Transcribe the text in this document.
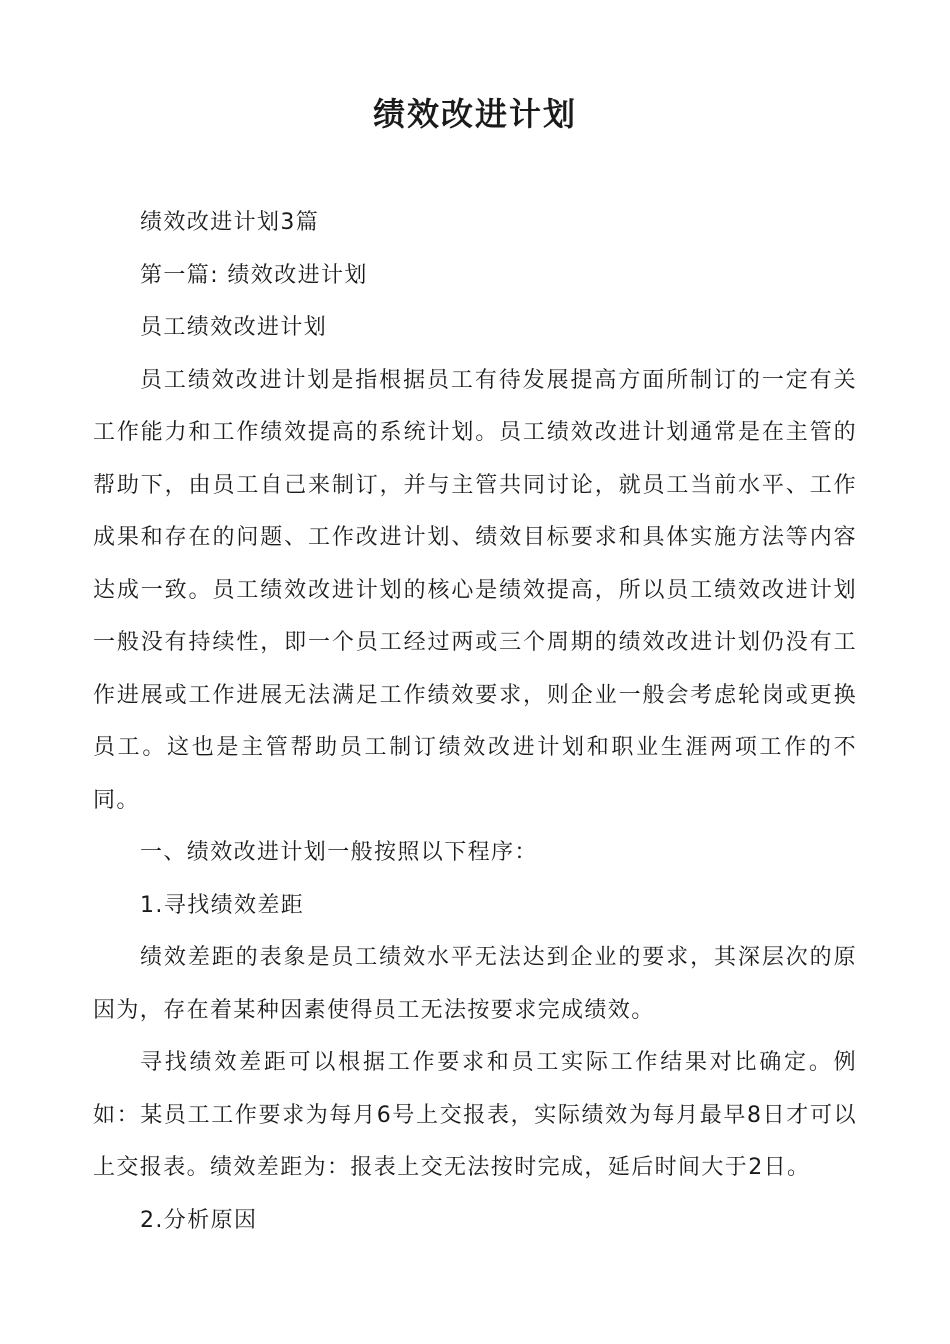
绩效改进计划

绩效改进计划3篇

第一篇: 绩效改进计划

员工绩效改进计划

员工绩效改进计划是指根据员工有待发展提高方面所制订的一定有关工作能力和工作绩效提高的系统计划。员工绩效改进计划通常是在主管的帮助下，由员工自己来制订，并与主管共同讨论，就员工当前水平、工作成果和存在的问题、工作改进计划、绩效目标要求和具体实施方法等内容达成一致。员工绩效改进计划的核心是绩效提高，所以员工绩效改进计划一般没有持续性，即一个员工经过两或三个周期的绩效改进计划仍没有工作进展或工作进展无法满足工作绩效要求，则企业一般会考虑轮岗或更换员工。这也是主管帮助员工制订绩效改进计划和职业生涯两项工作的不同。

一、绩效改进计划一般按照以下程序：

1.寻找绩效差距

绩效差距的表象是员工绩效水平无法达到企业的要求，其深层次的原因为，存在着某种因素使得员工无法按要求完成绩效。

寻找绩效差距可以根据工作要求和员工实际工作结果对比确定。例如：某员工工作要求为每月6号上交报表，实际绩效为每月最早8日才可以上交报表。绩效差距为：报表上交无法按时完成，延后时间大于2日。

2.分析原因
